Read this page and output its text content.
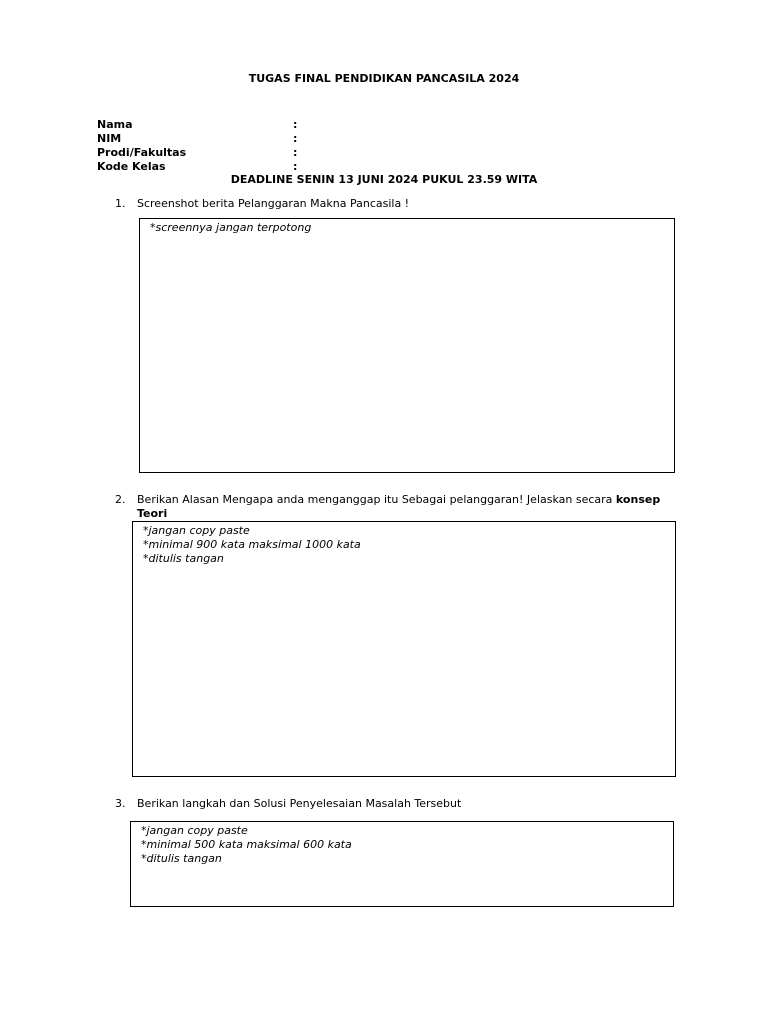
TUGAS FINAL PENDIDIKAN PANCASILA 2024
Nama	:
NIM	:
Prodi/Fakultas	:
Kode Kelas	:
DEADLINE SENIN 13 JUNI 2024 PUKUL 23.59 WITA
1. Screenshot berita Pelanggaran Makna Pancasila !
*screennya jangan terpotong
2. Berikan Alasan Mengapa anda menganggap itu Sebagai pelanggaran! Jelaskan secara konsep
Teori
*jangan copy paste
*minimal 900 kata maksimal 1000 kata
*ditulis tangan
3. Berikan langkah dan Solusi Penyelesaian Masalah Tersebut
*jangan copy paste
*minimal 500 kata maksimal 600 kata
*ditulis tangan
